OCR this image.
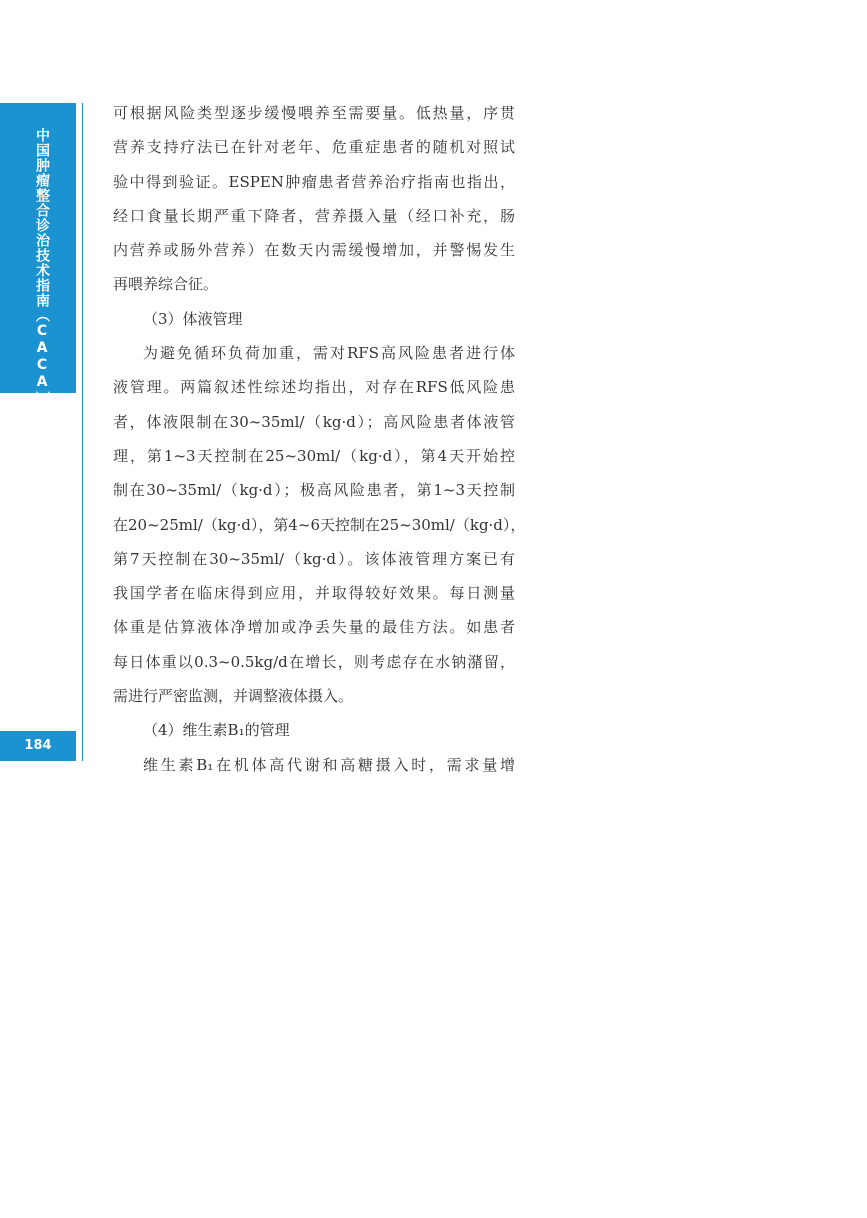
中国肿瘤整合诊治技术指南（CACA）
184
可根据风险类型逐步缓慢喂养至需要量。低热量，序贯
营养支持疗法已在针对老年、危重症患者的随机对照试
验中得到验证。ESPEN肿瘤患者营养治疗指南也指出，
经口食量长期严重下降者，营养摄入量（经口补充，肠
内营养或肠外营养）在数天内需缓慢增加，并警惕发生
再喂养综合征。
（3）体液管理
为避免循环负荷加重，需对RFS高风险患者进行体
液管理。两篇叙述性综述均指出，对存在RFS低风险患
者，体液限制在30~35ml/（kg·d）；高风险患者体液管
理，第1~3天控制在25~30ml/（kg·d），第4天开始控
制在30~35ml/（kg·d）；极高风险患者，第1~3天控制
在20~25ml/（kg·d），第4~6天控制在25~30ml/（kg·d），
第7天控制在30~35ml/（kg·d）。该体液管理方案已有
我国学者在临床得到应用，并取得较好效果。每日测量
体重是估算液体净增加或净丢失量的最佳方法。如患者
每日体重以0.3~0.5kg/d在增长，则考虑存在水钠潴留，
需进行严密监测，并调整液体摄入。
（4）维生素B₁的管理
维生素B₁在机体高代谢和高糖摄入时，需求量增
